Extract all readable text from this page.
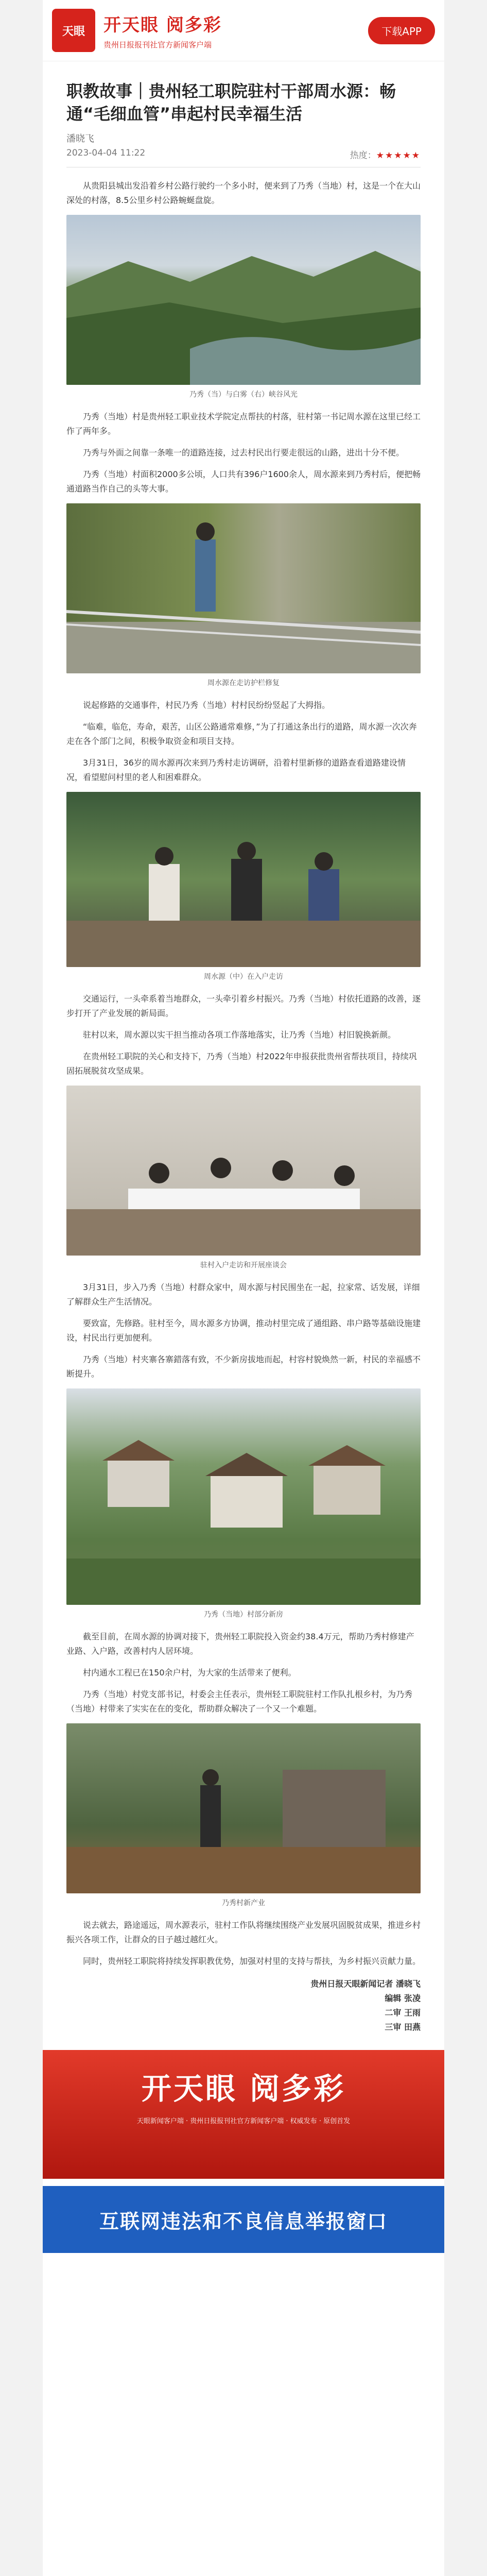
天眼 开天眼 阅多彩
贵州日报报刊社官方新闻客户端
下载APP
职教故事｜贵州轻工职院驻村干部周水源：畅通“毛细血管”串起村民幸福生活
潘晓飞
2023-04-04 11:22	热度：★★★★★

从贵阳县城出发沿着乡村公路行驶约一个多小时，便来到了乃秀（当地）村，这是一个在大山深处的村落，8.5公里乡村公路蜿蜒盘旋。

乃秀（当）与白雾（右）峡谷风光

乃秀（当地）村是贵州轻工职业技术学院定点帮扶的村落，驻村第一书记周水源在这里已经工作了两年多。

乃秀与外面之间靠一条唯一的道路连接，过去村民出行要走很远的山路，进出十分不便。

乃秀（当地）村面积2000多公顷，人口共有396户1600余人，周水源来到乃秀村后，便把畅通道路当作自己的头等大事。

周水源在走访护栏修复

说起修路的交通事件，村民乃秀（当地）村村民纷纷竖起了大拇指。

“临难，临危，寿命，艰苦，山区公路通常难修，”为了打通这条出行的道路，周水源一次次奔走在各个部门之间，积极争取资金和项目支持。

3月31日，36岁的周水源再次来到乃秀村走访调研，沿着村里新修的道路查看道路建设情况，看望慰问村里的老人和困难群众。

周水源（中）在入户走访

交通运行，一头牵系着当地群众，一头牵引着乡村振兴。乃秀（当地）村依托道路的改善，逐步打开了产业发展的新局面。

驻村以来，周水源以实干担当推动各项工作落地落实，让乃秀（当地）村旧貌换新颜。

在贵州轻工职院的关心和支持下，乃秀（当地）村2022年申报获批贵州省帮扶项目，持续巩固拓展脱贫攻坚成果。

驻村入户走访和开展座谈会

3月31日，步入乃秀（当地）村群众家中，周水源与村民围坐在一起，拉家常、话发展，详细了解群众生产生活情况。

要致富，先修路。驻村至今，周水源多方协调，推动村里完成了通组路、串户路等基础设施建设，村民出行更加便利。

乃秀（当地）村夹寨各寨錯落有致，不少新房拔地而起，村容村貌焕然一新，村民的幸福感不断提升。

乃秀（当地）村部分新房

截至目前，在周水源的协调对接下，贵州轻工职院投入资金约38.4万元，帮助乃秀村修建产业路、入户路，改善村内人居环境。

村内通水工程已在150余户村，为大家的生活带来了便利。

乃秀（当地）村党支部书记，村委会主任表示，贵州轻工职院驻村工作队扎根乡村，为乃秀（当地）村带来了实实在在的变化，帮助群众解决了一个又一个难题。

乃秀村新产业

说去就去，路途遥远，周水源表示，驻村工作队将继续围绕产业发展巩固脱贫成果，推进乡村振兴各项工作，让群众的日子越过越红火。

同时，贵州轻工职院将持续发挥职教优势，加强对村里的支持与帮扶，为乡村振兴贡献力量。

贵州日报天眼新闻记者 潘晓飞
编辑 张凌
二审 王雨
三审 田燕
开天眼 阅多彩
天眼新闻客户端 · 贵州日报报刊社官方新闻客户端 · 权威发布 · 原创首发
互联网违法和不良信息举报窗口
